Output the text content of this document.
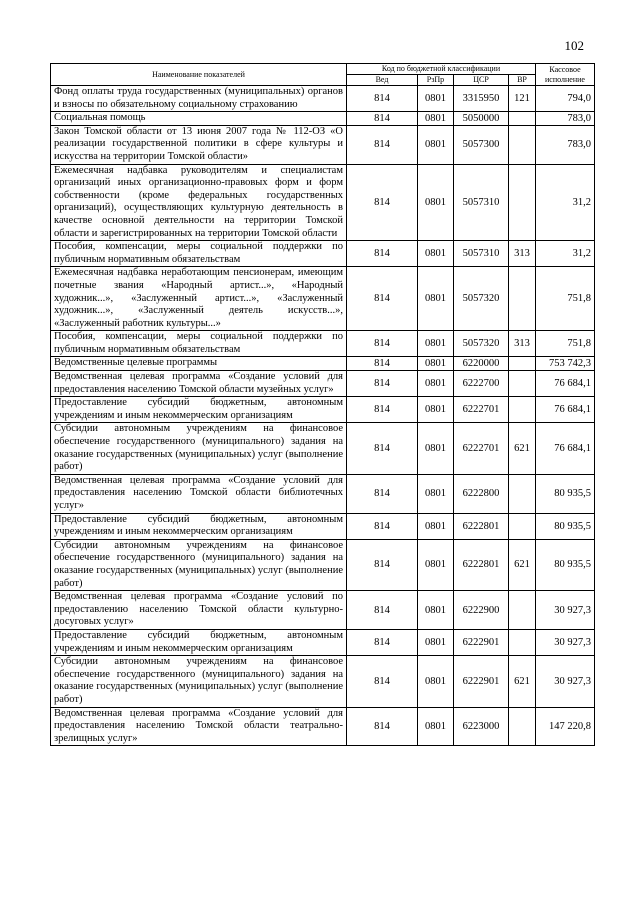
102
Наименование показателей	Код по бюджетной классификации				Кассовое исполнение
	Вед	РзПр	ЦСР	ВР	
Фонд оплаты труда государственных (муниципальных) органов и взносы по обязательному социальному страхованию	814	0801	3315950	121	794,0
Социальная помощь	814	0801	5050000		783,0
Закон Томской области от 13 июня 2007 года № 112-ОЗ «О реализации государственной политики в сфере культуры и искусства на территории Томской области»	814	0801	5057300		783,0
Ежемесячная надбавка руководителям и специалистам организаций иных организационно-правовых форм и форм собственности (кроме федеральных государственных организаций), осуществляющих культурную деятельность в качестве основной деятельности на территории Томской области и зарегистрированных на территории Томской области	814	0801	5057310		31,2
Пособия, компенсации, меры социальной поддержки по публичным нормативным обязательствам	814	0801	5057310	313	31,2
Ежемесячная надбавка неработающим пенсионерам, имеющим почетные звания «Народный артист...», «Народный художник...», «Заслуженный артист...», «Заслуженный художник...», «Заслуженный деятель искусств...», «Заслуженный работник культуры...»	814	0801	5057320		751,8
Пособия, компенсации, меры социальной поддержки по публичным нормативным обязательствам	814	0801	5057320	313	751,8
Ведомственные целевые программы	814	0801	6220000		753 742,3
Ведомственная целевая программа «Создание условий для предоставления населению Томской области музейных услуг»	814	0801	6222700		76 684,1
Предоставление субсидий бюджетным, автономным учреждениям и иным некоммерческим организациям	814	0801	6222701		76 684,1
Субсидии автономным учреждениям на финансовое обеспечение государственного (муниципального) задания на оказание государственных (муниципальных) услуг (выполнение работ)	814	0801	6222701	621	76 684,1
Ведомственная целевая программа «Создание условий для предоставления населению Томской области библиотечных услуг»	814	0801	6222800		80 935,5
Предоставление субсидий бюджетным, автономным учреждениям и иным некоммерческим организациям	814	0801	6222801		80 935,5
Субсидии автономным учреждениям на финансовое обеспечение государственного (муниципального) задания на оказание государственных (муниципальных) услуг (выполнение работ)	814	0801	6222801	621	80 935,5
Ведомственная целевая программа «Создание условий по предоставлению населению Томской области культурно-досуговых услуг»	814	0801	6222900		30 927,3
Предоставление субсидий бюджетным, автономным учреждениям и иным некоммерческим организациям	814	0801	6222901		30 927,3
Субсидии автономным учреждениям на финансовое обеспечение государственного (муниципального) задания на оказание государственных (муниципальных) услуг (выполнение работ)	814	0801	6222901	621	30 927,3
Ведомственная целевая программа «Создание условий для предоставления населению Томской области театрально-зрелищных услуг»	814	0801	6223000		147 220,8
